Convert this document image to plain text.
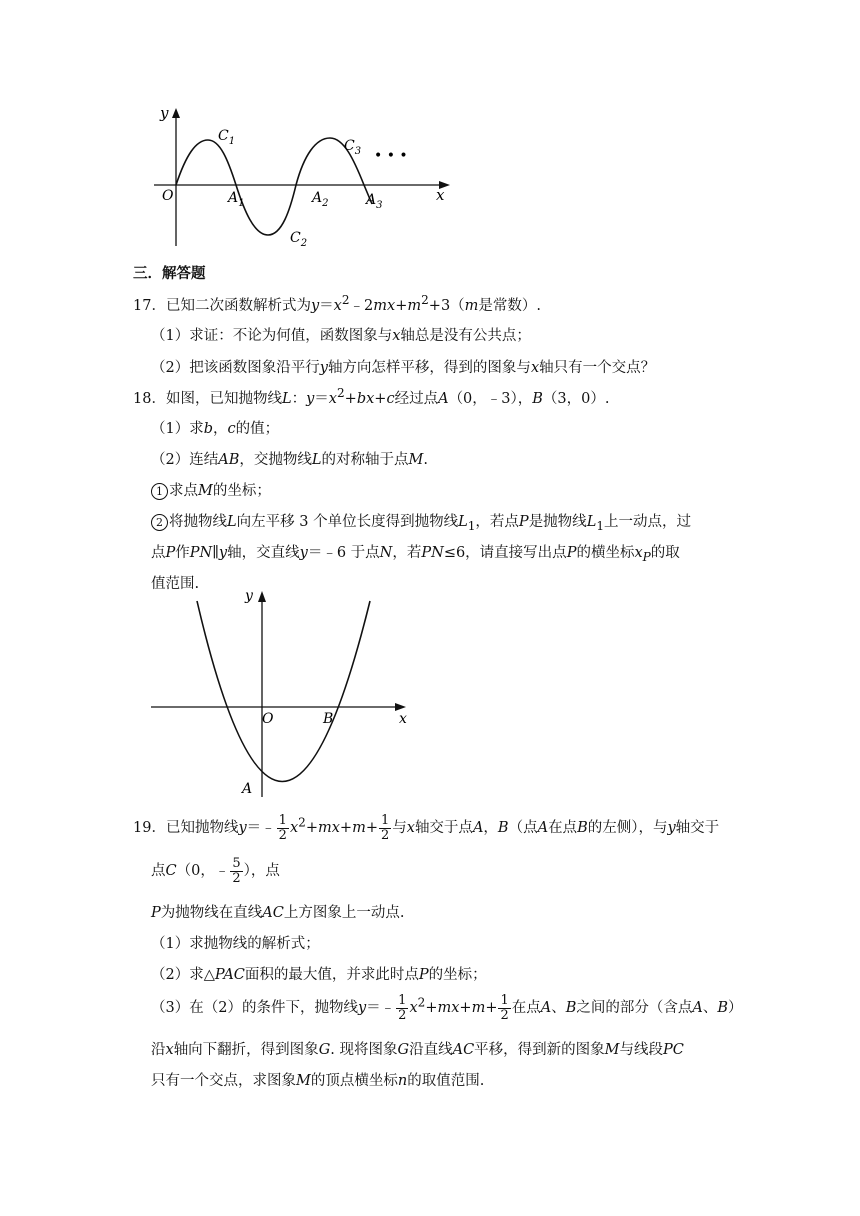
y
x
O
$C_1$
$C_2$
$C_3$
$A_1$	$A_2$	$A_3$
• • •
三．解答题
17．已知二次函数解析式为$y=x^2﹣2mx+m^2+3(m$是常数）.
（1）求证：不论为何值，函数图象与x轴总是没有公共点；
（2）把该函数图象沿平行y轴方向怎样平移，得到的图象与x轴只有一个交点？
18．如图，已知抛物线L：$y=x^2+bx+c$经过点A（0，﹣3），B（3，0）.
（1）求b，c的值；
（2）连结AB，交抛物线L的对称轴于点M.
1 求点M的坐标；
2 将抛物线L向左平移 3 个单位长度得到抛物线$L_1$，若点P是抛物线$L_1$上一动点，过
点P作PN∥y轴，交直线y＝﹣6 于点N，若PN≤6，请直接写出点P的横坐标$x_P$的取
值范围.
y
x
O	B
A
19．已知抛物线y＝﹣ $\frac{1}{2} x^2+mx+m+ \frac{1}{2}$ 与x轴交于点A，B（点A在点B的左侧），与y轴交于
点C（0，﹣ $\frac{5}{2}$ ），点
P为抛物线在直线AC上方图象上一动点.
（1）求抛物线的解析式；
（2）求△PAC面积的最大值，并求此时点P的坐标；
（3）在（2）的条件下，抛物线y＝﹣ $\frac{1}{2} x^2+mx+m+ \frac{1}{2}$ 在点A、B之间的部分（含点A、B）
沿x轴向下翻折，得到图象G. 现将图象G沿直线AC平移，得到新的图象M与线段PC
只有一个交点，求图象M的顶点横坐标n的取值范围.
